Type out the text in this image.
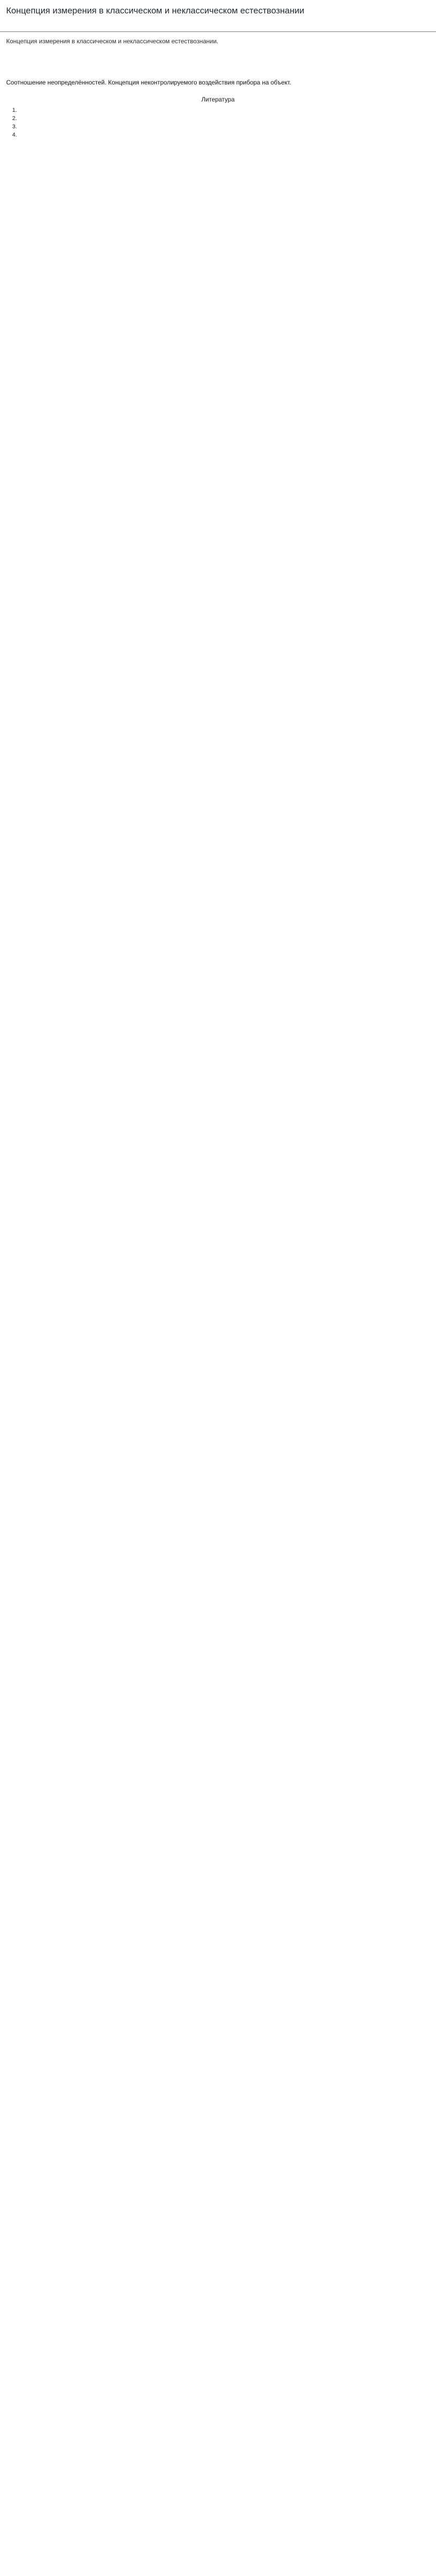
Концепция измерения в классическом и неклассическом естествознании
Концепция измерения в классическом и неклассическом естествознании.
Соотношение неопределённостей. Концепция неконтролируемого воздействия прибора на объект.
Литература
1.
2.
3.
4.
